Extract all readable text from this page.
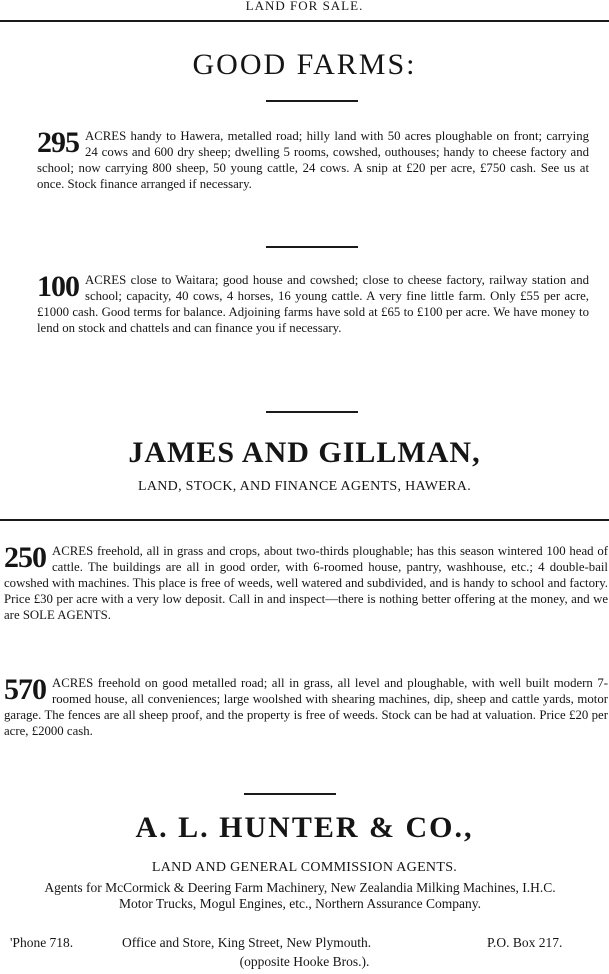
LAND FOR SALE.
GOOD FARMS:
295 ACRES handy to Hawera, metalled road; hilly land with 50 acres ploughable on front; carrying 24 cows and 600 dry sheep; dwelling 5 rooms, cowshed, outhouses; handy to cheese factory and school; now carrying 800 sheep, 50 young cattle, 24 cows. A snip at £20 per acre, £750 cash. See us at once. Stock finance arranged if necessary.

100 ACRES close to Waitara; good house and cowshed; close to cheese factory, railway station and school; capacity, 40 cows, 4 horses, 16 young cattle. A very fine little farm. Only £55 per acre, £1000 cash. Good terms for balance. Adjoining farms have sold at £65 to £100 per acre. We have money to lend on stock and chattels and can finance you if necessary.

JAMES AND GILLMAN,
LAND, STOCK, AND FINANCE AGENTS, HAWERA.
250 ACRES freehold, all in grass and crops, about two-thirds ploughable; has this season wintered 100 head of cattle. The buildings are all in good order, with 6-roomed house, pantry, washhouse, etc.; 4 double-bail cowshed with machines. This place is free of weeds, well watered and subdivided, and is handy to school and factory. Price £30 per acre with a very low deposit. Call in and inspect—there is nothing better offering at the money, and we are SOLE AGENTS.

570 ACRES freehold on good metalled road; all in grass, all level and ploughable, with well built modern 7-roomed house, all conveniences; large woolshed with shearing machines, dip, sheep and cattle yards, motor garage. The fences are all sheep proof, and the property is free of weeds. Stock can be had at valuation. Price £20 per acre, £2000 cash.

A. L. HUNTER & CO.,
LAND AND GENERAL COMMISSION AGENTS.
Agents for McCormick & Deering Farm Machinery, New Zealandia Milking Machines, I.H.C. Motor Trucks, Mogul Engines, etc., Northern Assurance Company.
'Phone 718.	Office and Store, King Street, New Plymouth.	P.O. Box 217.
(opposite Hooke Bros.).
